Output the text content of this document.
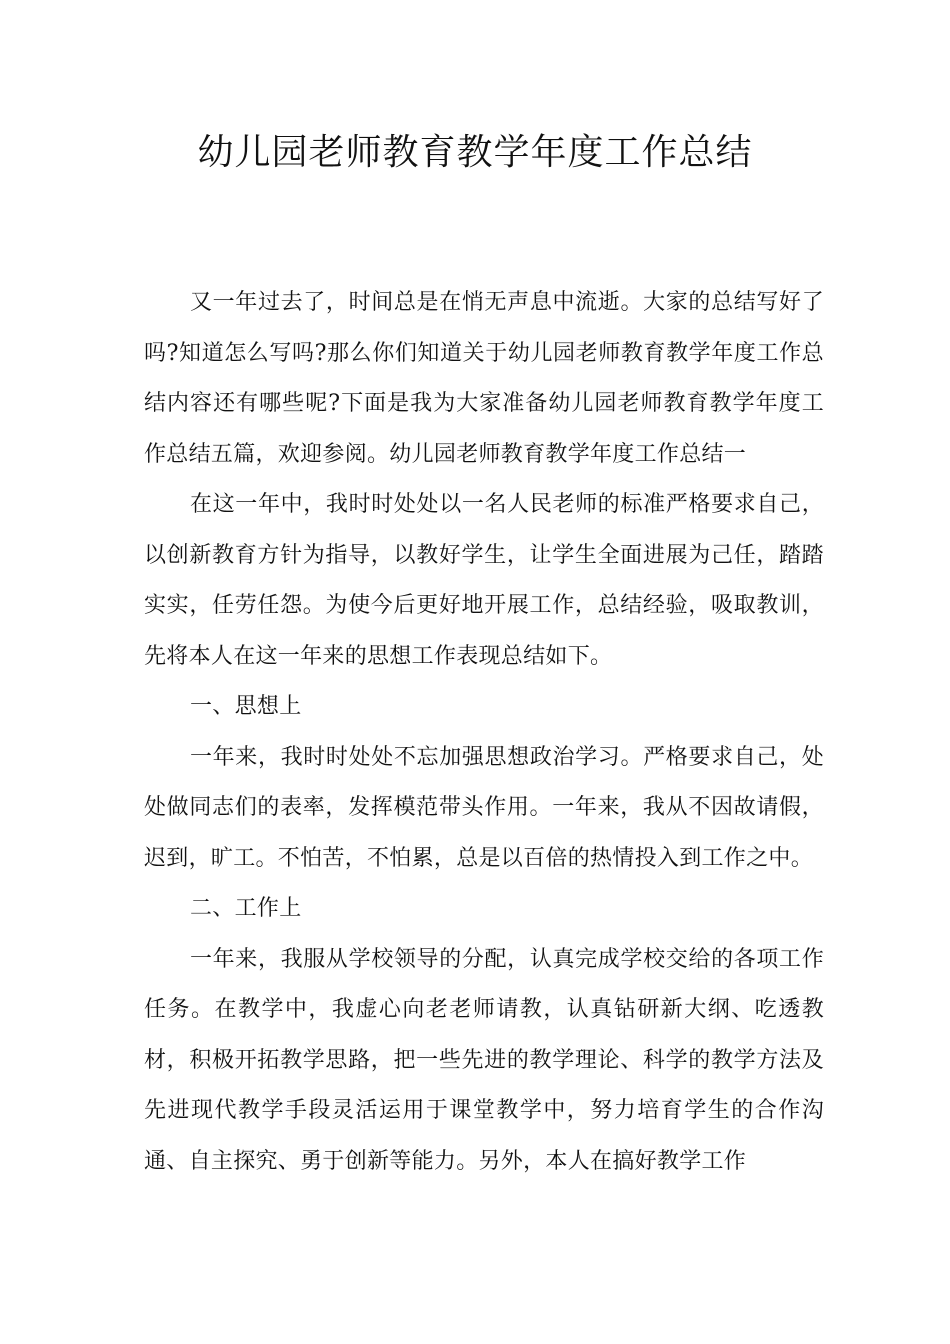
幼儿园老师教育教学年度工作总结

又一年过去了，时间总是在悄无声息中流逝。大家的总结写好了吗?知道怎么写吗?那么你们知道关于幼儿园老师教育教学年度工作总结内容还有哪些呢?下面是我为大家准备幼儿园老师教育教学年度工作总结五篇，欢迎参阅。幼儿园老师教育教学年度工作总结一

在这一年中，我时时处处以一名人民老师的标准严格要求自己，以创新教育方针为指导，以教好学生，让学生全面进展为己任，踏踏实实，任劳任怨。为使今后更好地开展工作，总结经验，吸取教训，先将本人在这一年来的思想工作表现总结如下。

一、思想上

一年来，我时时处处不忘加强思想政治学习。严格要求自己，处处做同志们的表率，发挥模范带头作用。一年来，我从不因故请假，迟到，旷工。不怕苦，不怕累，总是以百倍的热情投入到工作之中。

二、工作上

一年来，我服从学校领导的分配，认真完成学校交给的各项工作任务。在教学中，我虚心向老老师请教，认真钻研新大纲、吃透教材，积极开拓教学思路，把一些先进的教学理论、科学的教学方法及先进现代教学手段灵活运用于课堂教学中，努力培育学生的合作沟通、自主探究、勇于创新等能力。另外，本人在搞好教学工作
